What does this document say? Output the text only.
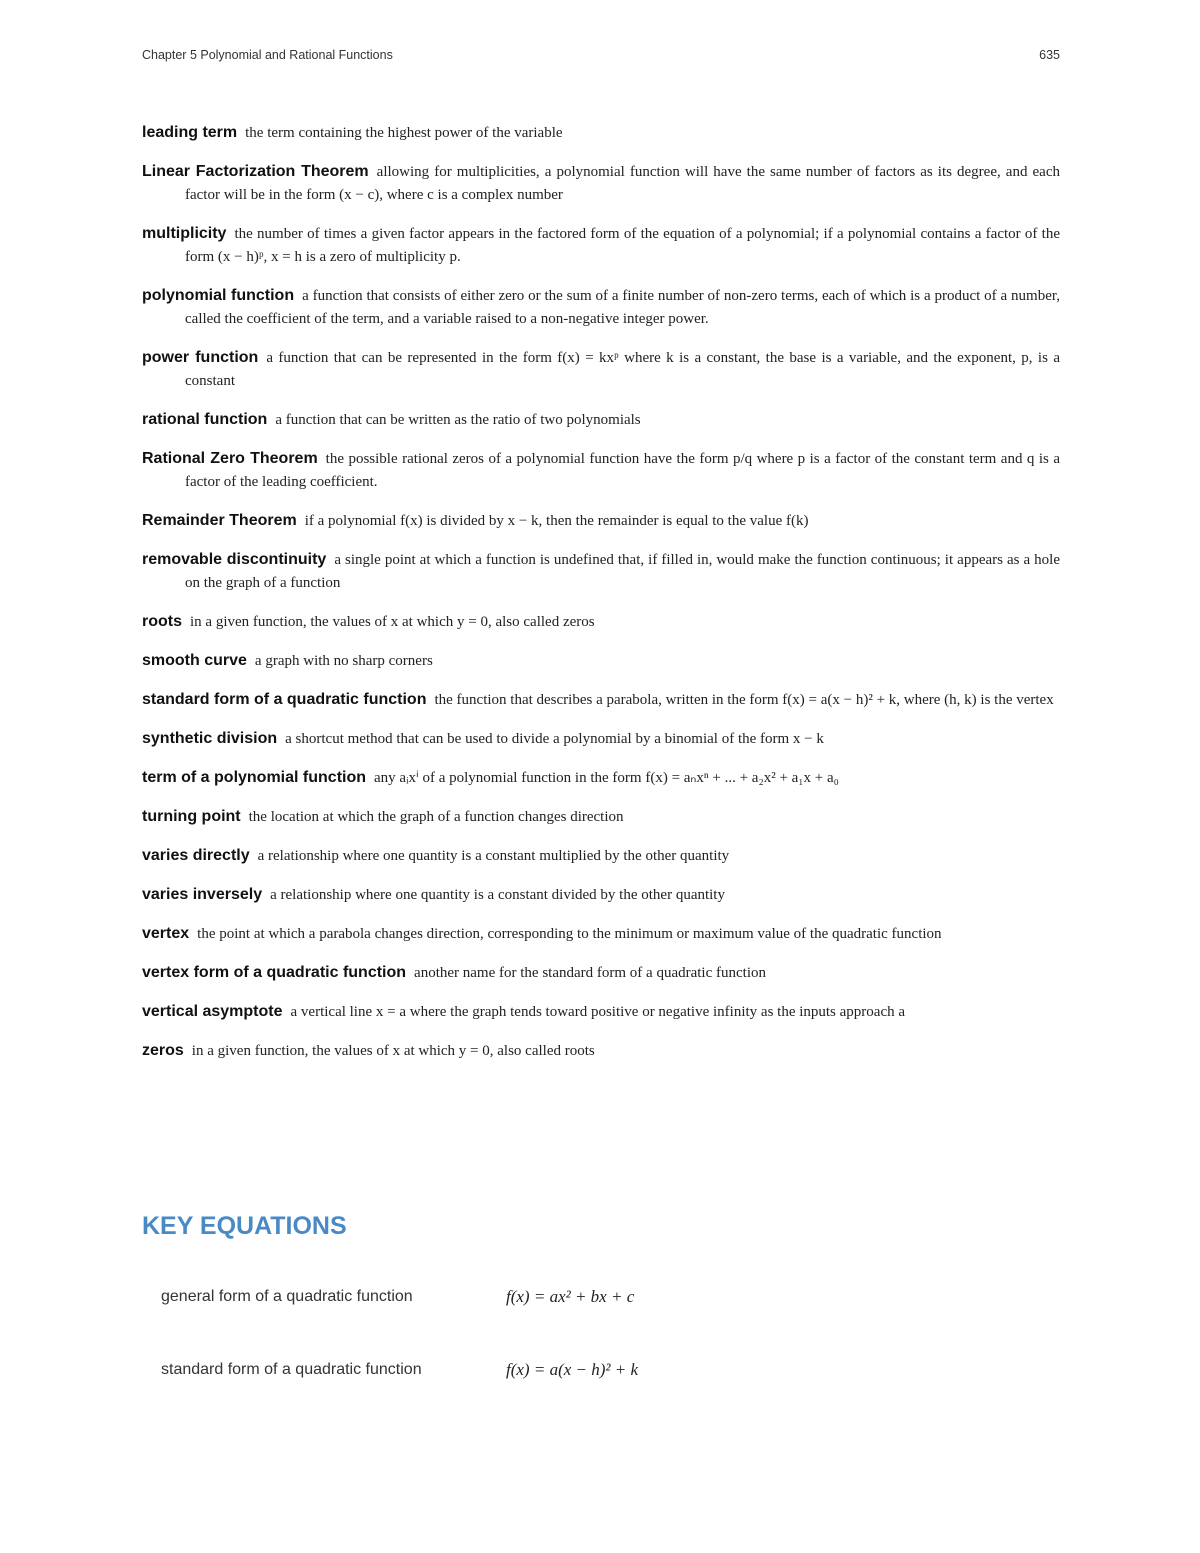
Chapter 5 Polynomial and Rational Functions	635

leading term the term containing the highest power of the variable

Linear Factorization Theorem allowing for multiplicities, a polynomial function will have the same number of factors as its degree, and each factor will be in the form (x − c), where c is a complex number

multiplicity the number of times a given factor appears in the factored form of the equation of a polynomial; if a polynomial contains a factor of the form (x − h)ᵖ, x = h is a zero of multiplicity p.

polynomial function a function that consists of either zero or the sum of a finite number of non-zero terms, each of which is a product of a number, called the coefficient of the term, and a variable raised to a non-negative integer power.

power function a function that can be represented in the form f(x) = kxᵖ where k is a constant, the base is a variable, and the exponent, p, is a constant

rational function a function that can be written as the ratio of two polynomials

Rational Zero Theorem the possible rational zeros of a polynomial function have the form p/q where p is a factor of the constant term and q is a factor of the leading coefficient.

Remainder Theorem if a polynomial f(x) is divided by x − k, then the remainder is equal to the value f(k)

removable discontinuity a single point at which a function is undefined that, if filled in, would make the function continuous; it appears as a hole on the graph of a function

roots in a given function, the values of x at which y = 0, also called zeros

smooth curve a graph with no sharp corners

standard form of a quadratic function the function that describes a parabola, written in the form f(x) = a(x − h)² + k, where (h, k) is the vertex

synthetic division a shortcut method that can be used to divide a polynomial by a binomial of the form x − k

term of a polynomial function any aᵢxⁱ of a polynomial function in the form f(x) = aₙxⁿ + ... + a₂x² + a₁x + a₀

turning point the location at which the graph of a function changes direction

varies directly a relationship where one quantity is a constant multiplied by the other quantity

varies inversely a relationship where one quantity is a constant divided by the other quantity

vertex the point at which a parabola changes direction, corresponding to the minimum or maximum value of the quadratic function

vertex form of a quadratic function another name for the standard form of a quadratic function

vertical asymptote a vertical line x = a where the graph tends toward positive or negative infinity as the inputs approach a

zeros in a given function, the values of x at which y = 0, also called roots

KEY EQUATIONS
general form of a quadratic function	f(x) = ax² + bx + c
standard form of a quadratic function	f(x) = a(x − h)² + k
